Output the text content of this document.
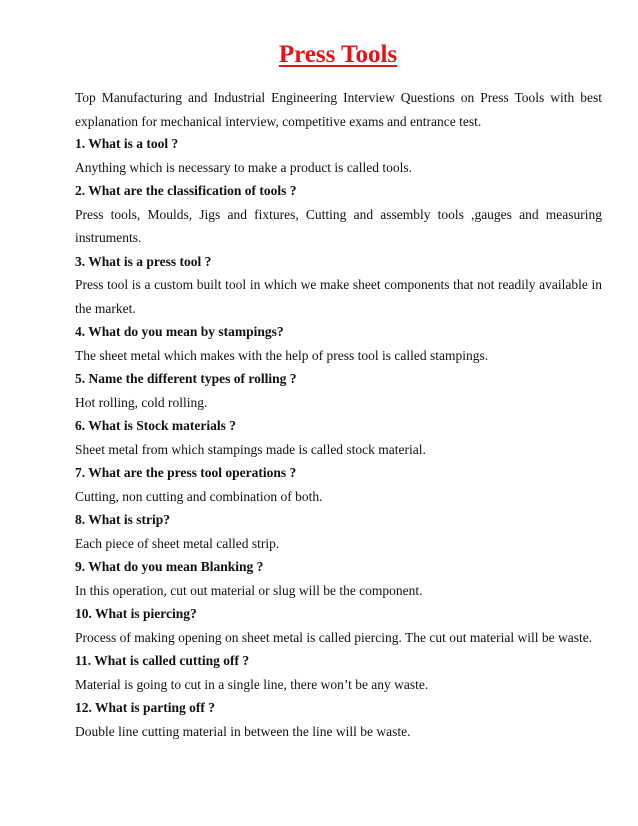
Press Tools

Top Manufacturing and Industrial Engineering Interview Questions on Press Tools with best explanation for mechanical interview, competitive exams and entrance test.

1. What is a tool ?

Anything which is necessary to make a product is called tools.

2. What are the classification of tools ?

Press tools, Moulds, Jigs and fixtures, Cutting and assembly tools ,gauges and measuring instruments.

3. What is a press tool ?

Press tool is a custom built tool in which we make sheet components that not readily available in the market.

4. What do you mean by stampings?

The sheet metal which makes with the help of press tool is called stampings.

5. Name the different types of rolling ?

Hot rolling, cold rolling.

6. What is Stock materials ?

Sheet metal from which stampings made is called stock material.

7. What are the press tool operations ?

Cutting, non cutting and combination of both.

8. What is strip?

Each piece of sheet metal called strip.

9. What do you mean Blanking ?

In this operation, cut out material or slug will be the component.

10. What is piercing?

Process of making opening on sheet metal is called piercing. The cut out material will be waste.

11. What is called cutting off ?

Material is going to cut in a single line, there won’t be any waste.

12. What is parting off ?

Double line cutting material in between the line will be waste.
